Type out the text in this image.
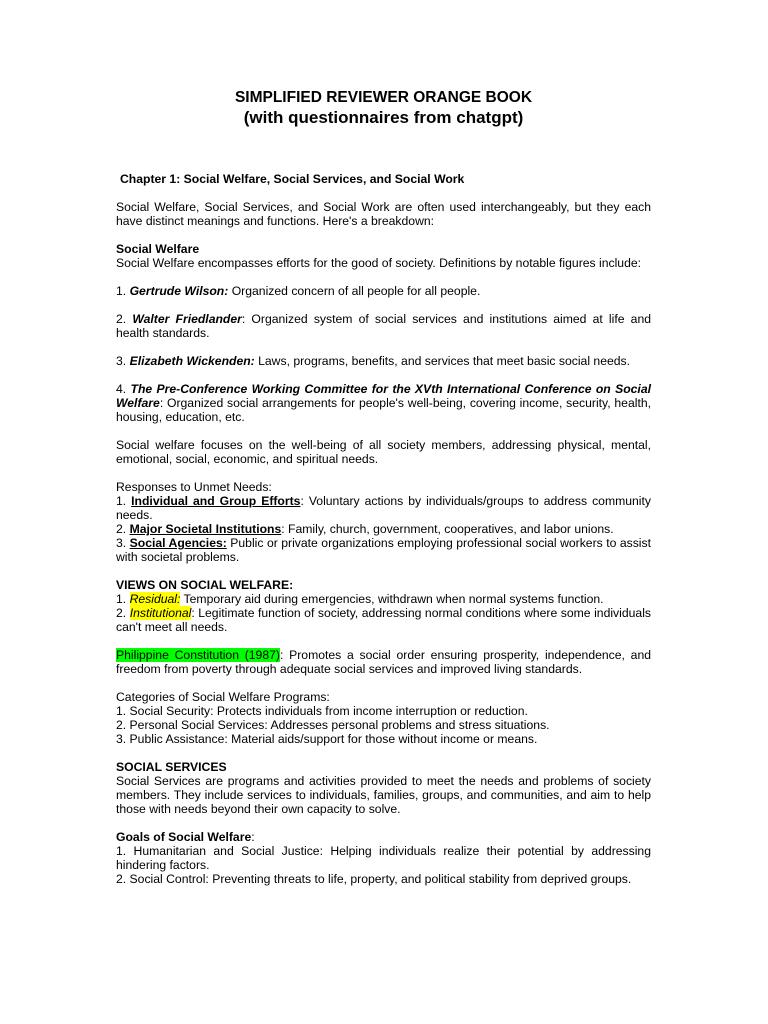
SIMPLIFIED REVIEWER ORANGE BOOK
(with questionnaires from chatgpt)
Chapter 1: Social Welfare, Social Services, and Social Work

Social Welfare, Social Services, and Social Work are often used interchangeably, but they each have distinct meanings and functions. Here's a breakdown:

Social Welfare
Social Welfare encompasses efforts for the good of society. Definitions by notable figures include:

1. Gertrude Wilson: Organized concern of all people for all people.

2. Walter Friedlander: Organized system of social services and institutions aimed at life and health standards.

3. Elizabeth Wickenden: Laws, programs, benefits, and services that meet basic social needs.

4. The Pre-Conference Working Committee for the XVth International Conference on Social Welfare: Organized social arrangements for people's well-being, covering income, security, health, housing, education, etc.

Social welfare focuses on the well-being of all society members, addressing physical, mental, emotional, social, economic, and spiritual needs.

Responses to Unmet Needs:
1. Individual and Group Efforts: Voluntary actions by individuals/groups to address community needs.
2. Major Societal Institutions: Family, church, government, cooperatives, and labor unions.
3. Social Agencies: Public or private organizations employing professional social workers to assist with societal problems.

VIEWS ON SOCIAL WELFARE:
1. Residual: Temporary aid during emergencies, withdrawn when normal systems function.
2. Institutional: Legitimate function of society, addressing normal conditions where some individuals can't meet all needs.

Philippine Constitution (1987): Promotes a social order ensuring prosperity, independence, and freedom from poverty through adequate social services and improved living standards.

Categories of Social Welfare Programs:
1. Social Security: Protects individuals from income interruption or reduction.
2. Personal Social Services: Addresses personal problems and stress situations.
3. Public Assistance: Material aids/support for those without income or means.

SOCIAL SERVICES
Social Services are programs and activities provided to meet the needs and problems of society members. They include services to individuals, families, groups, and communities, and aim to help those with needs beyond their own capacity to solve.

Goals of Social Welfare:
1. Humanitarian and Social Justice: Helping individuals realize their potential by addressing hindering factors.
2. Social Control: Preventing threats to life, property, and political stability from deprived groups.
